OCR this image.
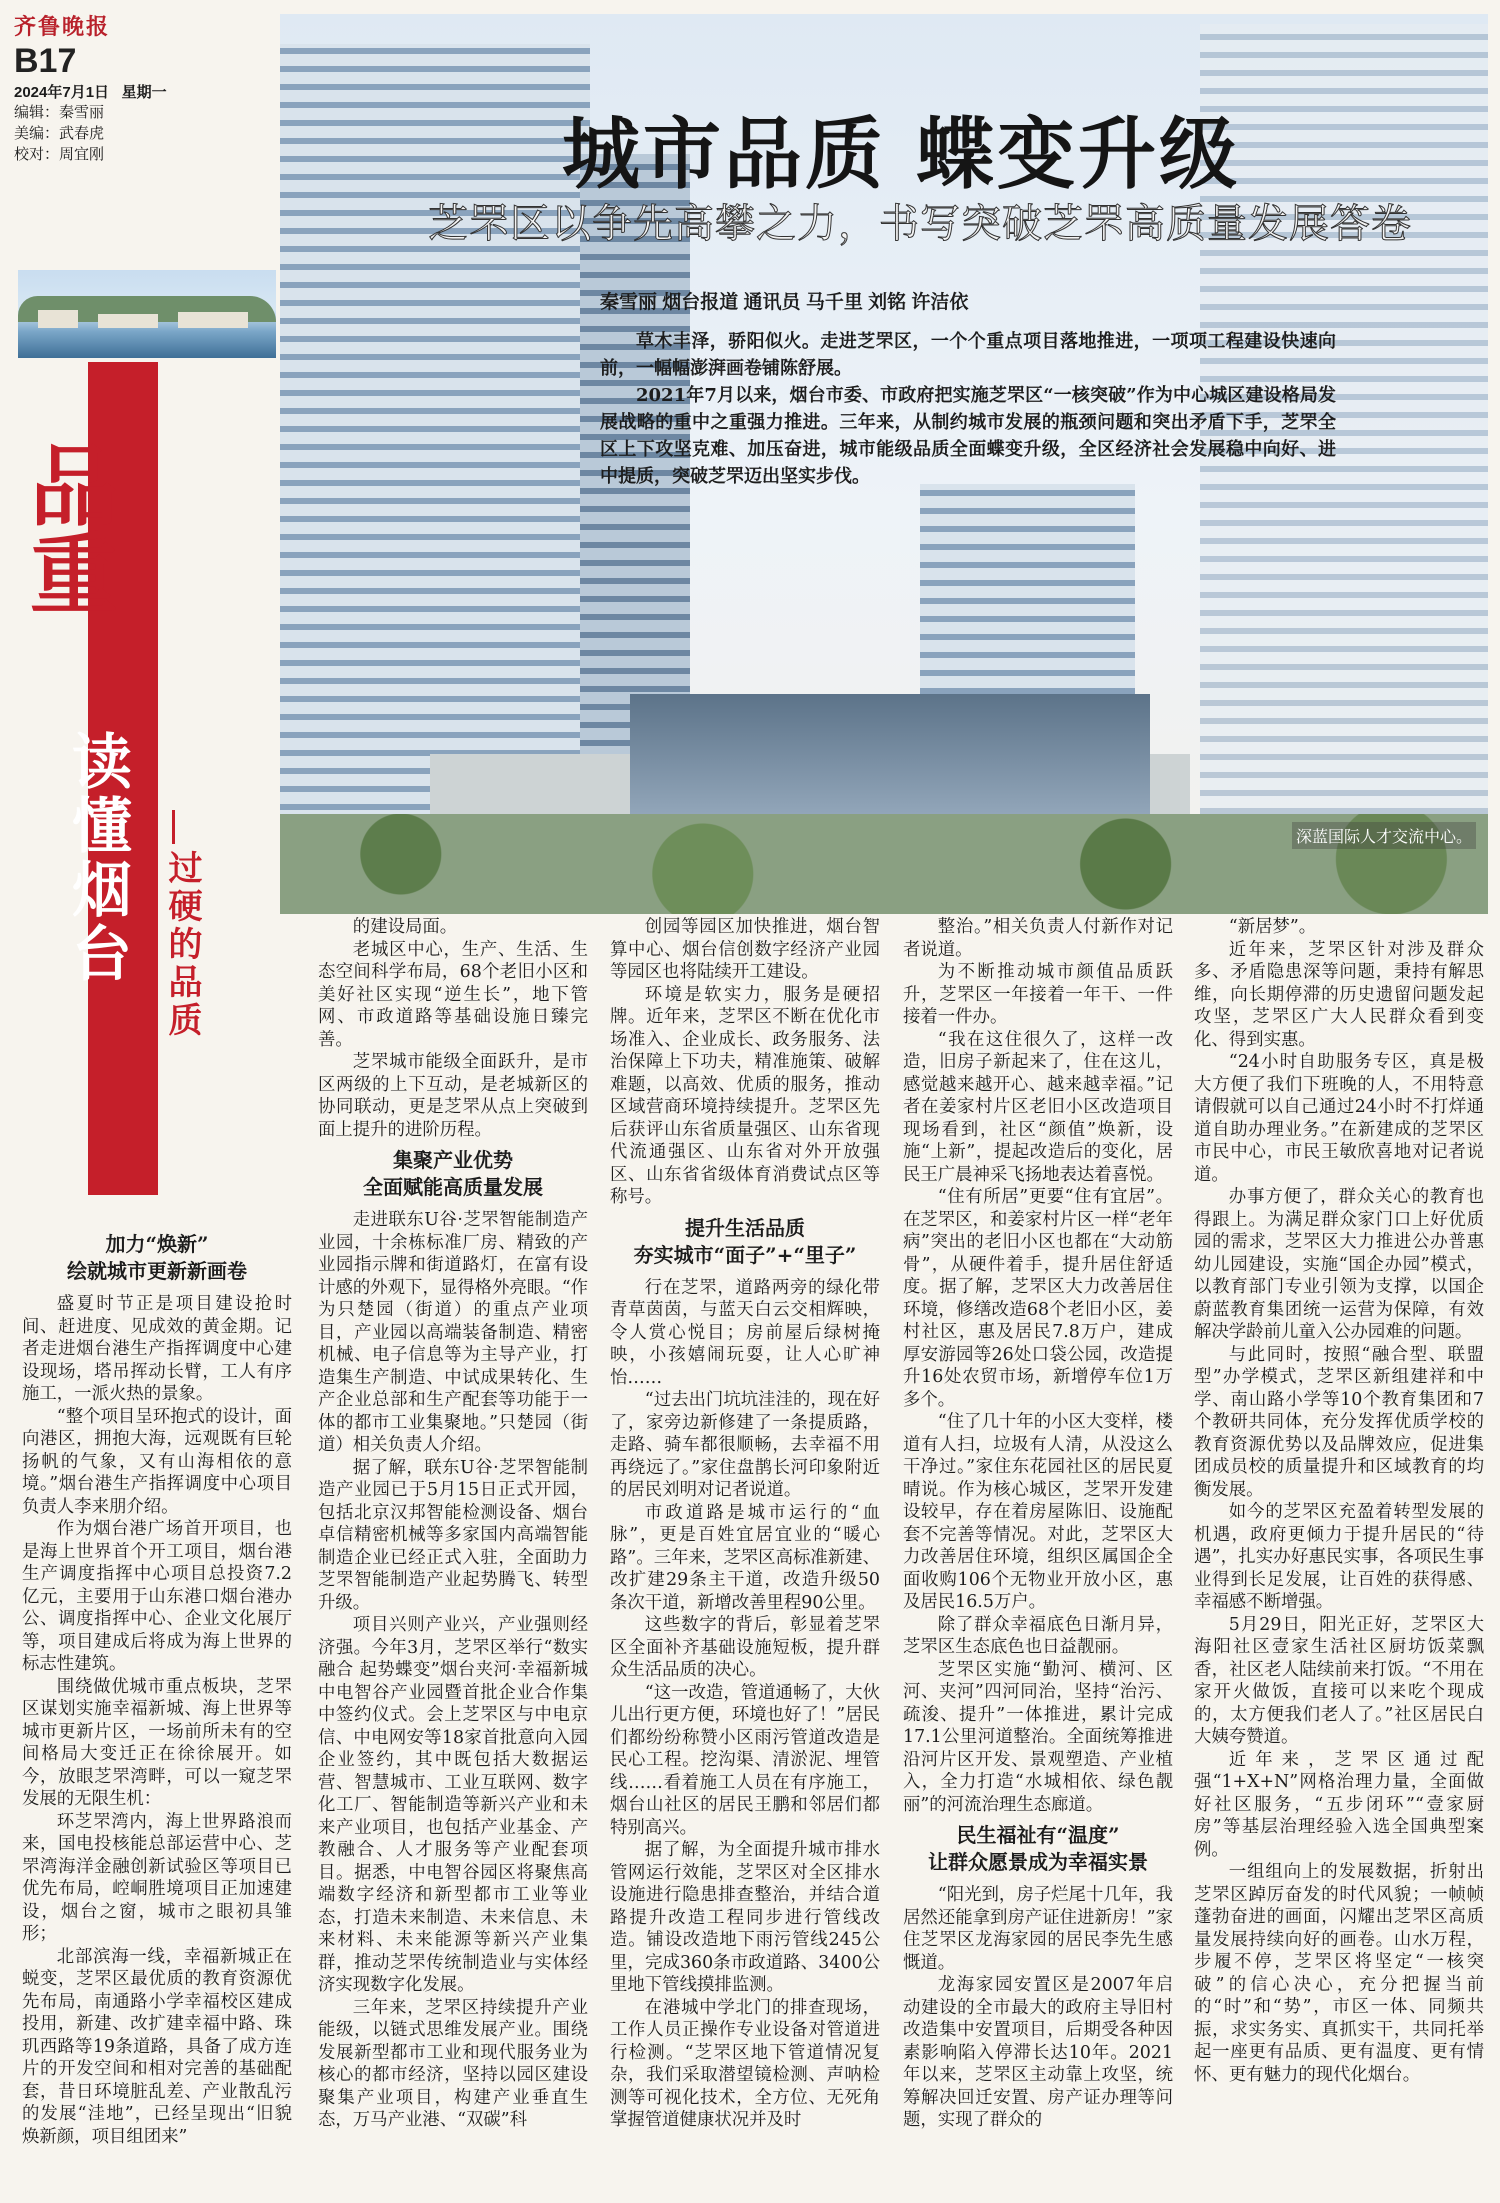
齐鲁晚报
B17
2024年7月1日 星期一
编辑：秦雪丽
美编：武春虎
校对：周宜刚
品重
读懂烟台 过硬的品质
深蓝国际人才交流中心。
城市品质 蝶变升级
芝罘区以争先高攀之力，书写突破芝罘高质量发展答卷
秦雪丽 烟台报道 通讯员 马千里 刘铭 许洁依

草木丰泽，骄阳似火。走进芝罘区，一个个重点项目落地推进，一项项工程建设快速向前，一幅幅澎湃画卷铺陈舒展。

2021年7月以来，烟台市委、市政府把实施芝罘区“一核突破”作为中心城区建设格局发展战略的重中之重强力推进。三年来，从制约城市发展的瓶颈问题和突出矛盾下手，芝罘全区上下攻坚克难、加压奋进，城市能级品质全面蝶变升级，全区经济社会发展稳中向好、进中提质，突破芝罘迈出坚实步伐。

加力“焕新”
绘就城市更新新画卷

盛夏时节正是项目建设抢时间、赶进度、见成效的黄金期。记者走进烟台港生产指挥调度中心建设现场，塔吊挥动长臂，工人有序施工，一派火热的景象。

“整个项目呈环抱式的设计，面向港区，拥抱大海，远观既有巨轮扬帆的气象，又有山海相依的意境。”烟台港生产指挥调度中心项目负责人李来朋介绍。

作为烟台港广场首开项目，也是海上世界首个开工项目，烟台港生产调度指挥中心项目总投资7.2亿元，主要用于山东港口烟台港办公、调度指挥中心、企业文化展厅等，项目建成后将成为海上世界的标志性建筑。

围绕做优城市重点板块，芝罘区谋划实施幸福新城、海上世界等城市更新片区，一场前所未有的空间格局大变迁正在徐徐展开。如今，放眼芝罘湾畔，可以一窥芝罘发展的无限生机：

环芝罘湾内，海上世界路浪而来，国电投核能总部运营中心、芝罘湾海洋金融创新试验区等项目已优先布局，崆峒胜境项目正加速建设，烟台之窗，城市之眼初具雏形；

北部滨海一线，幸福新城正在蜕变，芝罘区最优质的教育资源优先布局，南通路小学幸福校区建成投用，新建、改扩建幸福中路、珠玑西路等19条道路，具备了成方连片的开发空间和相对完善的基础配套，昔日环境脏乱差、产业散乱污的发展“洼地”，已经呈现出“旧貌焕新颜，项目组团来”

的建设局面。

老城区中心，生产、生活、生态空间科学布局，68个老旧小区和美好社区实现“逆生长”，地下管网、市政道路等基础设施日臻完善。

芝罘城市能级全面跃升，是市区两级的上下互动，是老城新区的协同联动，更是芝罘从点上突破到面上提升的进阶历程。

集聚产业优势
全面赋能高质量发展

走进联东U谷·芝罘智能制造产业园，十余栋标准厂房、精致的产业园指示牌和街道路灯，在富有设计感的外观下，显得格外亮眼。“作为只楚园（街道）的重点产业项目，产业园以高端装备制造、精密机械、电子信息等为主导产业，打造集生产制造、中试成果转化、生产企业总部和生产配套等功能于一体的都市工业集聚地。”只楚园（街道）相关负责人介绍。

据了解，联东U谷·芝罘智能制造产业园已于5月15日正式开园，包括北京汉邦智能检测设备、烟台卓信精密机械等多家国内高端智能制造企业已经正式入驻，全面助力芝罘智能制造产业起势腾飞、转型升级。

项目兴则产业兴，产业强则经济强。今年3月，芝罘区举行“数实融合 起势蝶变”烟台夹河·幸福新城中电智谷产业园暨首批企业合作集中签约仪式。会上芝罘区与中电京信、中电网安等18家首批意向入园企业签约，其中既包括大数据运营、智慧城市、工业互联网、数字化工厂、智能制造等新兴产业和未来产业项目，也包括产业基金、产教融合、人才服务等产业配套项目。据悉，中电智谷园区将聚焦高端数字经济和新型都市工业等业态，打造未来制造、未来信息、未来材料、未来能源等新兴产业集群，推动芝罘传统制造业与实体经济实现数字化发展。

三年来，芝罘区持续提升产业能级，以链式思维发展产业。围绕发展新型都市工业和现代服务业为核心的都市经济，坚持以园区建设聚集产业项目，构建产业垂直生态，万马产业港、“双碳”科

创园等园区加快推进，烟台智算中心、烟台信创数字经济产业园等园区也将陆续开工建设。

环境是软实力，服务是硬招牌。近年来，芝罘区不断在优化市场准入、企业成长、政务服务、法治保障上下功夫，精准施策、破解难题，以高效、优质的服务，推动区域营商环境持续提升。芝罘区先后获评山东省质量强区、山东省现代流通强区、山东省对外开放强区、山东省省级体育消费试点区等称号。

提升生活品质
夯实城市“面子”+“里子”

行在芝罘，道路两旁的绿化带青草茵茵，与蓝天白云交相辉映，令人赏心悦目；房前屋后绿树掩映，小孩嬉闹玩耍，让人心旷神怡……

“过去出门坑坑洼洼的，现在好了，家旁边新修建了一条提质路，走路、骑车都很顺畅，去幸福不用再绕远了。”家住盘鹊长河印象附近的居民刘明对记者说道。

市政道路是城市运行的“血脉”，更是百姓宜居宜业的“暖心路”。三年来，芝罘区高标准新建、改扩建29条主干道，改造升级50条次干道，新增改善里程90公里。

这些数字的背后，彰显着芝罘区全面补齐基础设施短板，提升群众生活品质的决心。

“这一改造，管道通畅了，大伙儿出行更方便，环境也好了！”居民们都纷纷称赞小区雨污管道改造是民心工程。挖沟渠、清淤泥、埋管线……看着施工人员在有序施工，烟台山社区的居民王鹏和邻居们都特别高兴。

据了解，为全面提升城市排水管网运行效能，芝罘区对全区排水设施进行隐患排查整治，并结合道路提升改造工程同步进行管线改造。铺设改造地下雨污管线245公里，完成360条市政道路、3400公里地下管线摸排监测。

在港城中学北门的排查现场，工作人员正操作专业设备对管道进行检测。“芝罘区地下管道情况复杂，我们采取潜望镜检测、声呐检测等可视化技术，全方位、无死角掌握管道健康状况并及时

整治。”相关负责人付新作对记者说道。

为不断推动城市颜值品质跃升，芝罘区一年接着一年干、一件接着一件办。

“我在这住很久了，这样一改造，旧房子新起来了，住在这儿，感觉越来越开心、越来越幸福。”记者在姜家村片区老旧小区改造项目现场看到，社区“颜值”焕新，设施“上新”，提起改造后的变化，居民王广晨神采飞扬地表达着喜悦。

“住有所居”更要“住有宜居”。在芝罘区，和姜家村片区一样“老年病”突出的老旧小区也都在“大动筋骨”，从硬件着手，提升居住舒适度。据了解，芝罘区大力改善居住环境，修缮改造68个老旧小区，姜村社区，惠及居民7.8万户，建成厚安游园等26处口袋公园，改造提升16处农贸市场，新增停车位1万多个。

“住了几十年的小区大变样，楼道有人扫，垃圾有人清，从没这么干净过。”家住东花园社区的居民夏晴说。作为核心城区，芝罘开发建设较早，存在着房屋陈旧、设施配套不完善等情况。对此，芝罘区大力改善居住环境，组织区属国企全面收购106个无物业开放小区，惠及居民16.5万户。

除了群众幸福底色日渐月异，芝罘区生态底色也日益靓丽。

芝罘区实施“勤河、横河、区河、夹河”四河同治，坚持“治污、疏浚、提升”一体推进，累计完成17.1公里河道整治。全面统筹推进沿河片区开发、景观塑造、产业植入，全力打造“水城相依、绿色靓丽”的河流治理生态廊道。

民生福祉有“温度”
让群众愿景成为幸福实景

“阳光到，房子烂尾十几年，我居然还能拿到房产证住进新房！”家住芝罘区龙海家园的居民李先生感慨道。

龙海家园安置区是2007年启动建设的全市最大的政府主导旧村改造集中安置项目，后期受各种因素影响陷入停滞长达10年。2021年以来，芝罘区主动靠上攻坚，统筹解决回迁安置、房产证办理等问题，实现了群众的

“新居梦”。

近年来，芝罘区针对涉及群众多、矛盾隐患深等问题，秉持有解思维，向长期停滞的历史遗留问题发起攻坚，芝罘区广大人民群众看到变化、得到实惠。

“24小时自助服务专区，真是极大方便了我们下班晚的人，不用特意请假就可以自己通过24小时不打烊通道自助办理业务。”在新建成的芝罘区市民中心，市民王敏欣喜地对记者说道。

办事方便了，群众关心的教育也得跟上。为满足群众家门口上好优质园的需求，芝罘区大力推进公办普惠幼儿园建设，实施“国企办园”模式，以教育部门专业引领为支撑，以国企蔚蓝教育集团统一运营为保障，有效解决学龄前儿童入公办园难的问题。

与此同时，按照“融合型、联盟型”办学模式，芝罘区新组建祥和中学、南山路小学等10个教育集团和7个教研共同体，充分发挥优质学校的教育资源优势以及品牌效应，促进集团成员校的质量提升和区域教育的均衡发展。

如今的芝罘区充盈着转型发展的机遇，政府更倾力于提升居民的“待遇”，扎实办好惠民实事，各项民生事业得到长足发展，让百姓的获得感、幸福感不断增强。

5月29日，阳光正好，芝罘区大海阳社区壹家生活社区厨坊饭菜飘香，社区老人陆续前来打饭。“不用在家开火做饭，直接可以来吃个现成的，太方便我们老人了。”社区居民白大姨夸赞道。

近年来，芝罘区通过配强“1+X+N”网格治理力量，全面做好社区服务，“五步闭环”“壹家厨房”等基层治理经验入选全国典型案例。

一组组向上的发展数据，折射出芝罘区踔厉奋发的时代风貌；一帧帧蓬勃奋进的画面，闪耀出芝罘区高质量发展持续向好的画卷。山水万程，步履不停，芝罘区将坚定“一核突破”的信心决心，充分把握当前的“时”和“势”，市区一体、同频共振，求实务实、真抓实干，共同托举起一座更有品质、更有温度、更有情怀、更有魅力的现代化烟台。
